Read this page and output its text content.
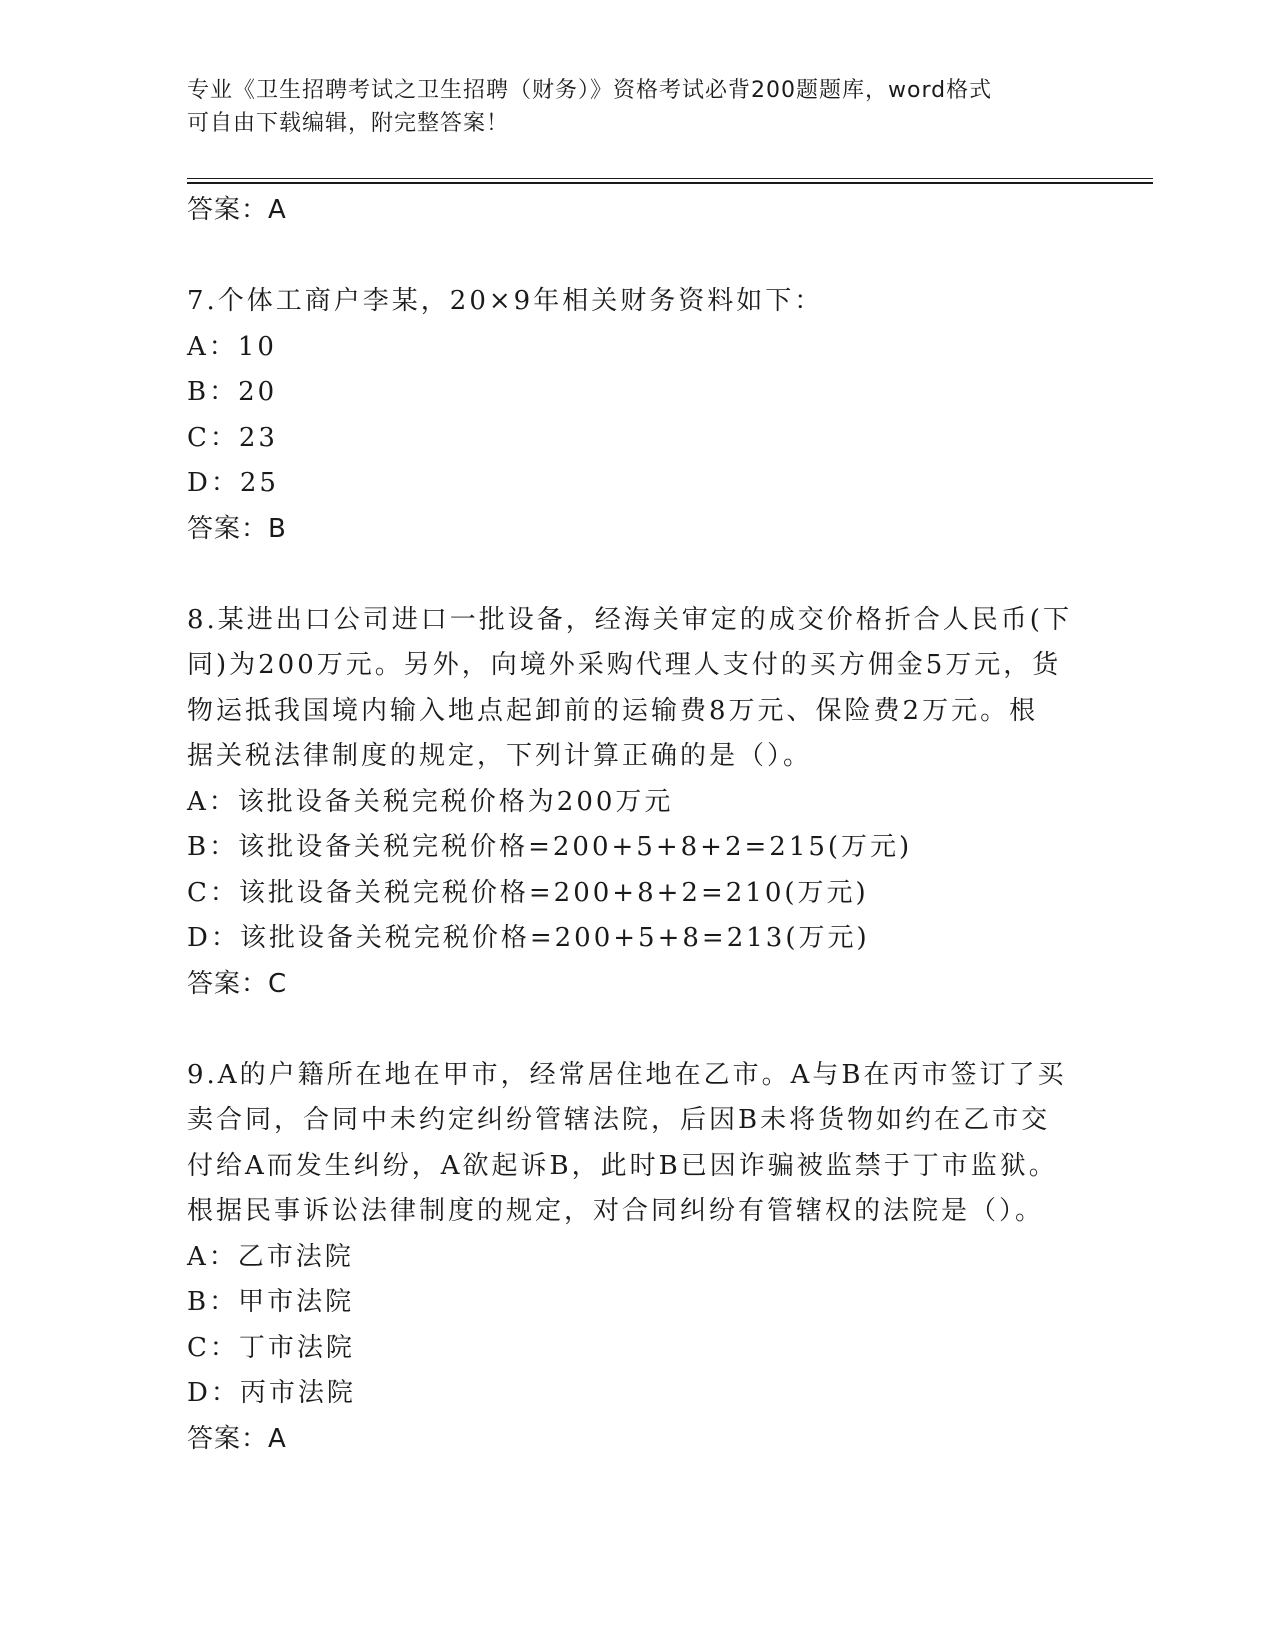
专业《卫生招聘考试之卫生招聘（财务）》资格考试必背200题题库，word格式
可自由下载编辑，附完整答案！
答案：A
7.个体工商户李某，20×9年相关财务资料如下：
A：10
B：20
C：23
D：25
答案：B
8.某进出口公司进口一批设备，经海关审定的成交价格折合人民币(下
同)为200万元。另外，向境外采购代理人支付的买方佣金5万元，货
物运抵我国境内输入地点起卸前的运输费8万元、保险费2万元。根
据关税法律制度的规定，下列计算正确的是（）。
A：该批设备关税完税价格为200万元
B：该批设备关税完税价格=200+5+8+2=215(万元)
C：该批设备关税完税价格=200+8+2=210(万元)
D：该批设备关税完税价格=200+5+8=213(万元)
答案：C
9.A的户籍所在地在甲市，经常居住地在乙市。A与B在丙市签订了买
卖合同，合同中未约定纠纷管辖法院，后因B未将货物如约在乙市交
付给A而发生纠纷，A欲起诉B，此时B已因诈骗被监禁于丁市监狱。
根据民事诉讼法律制度的规定，对合同纠纷有管辖权的法院是（）。
A：乙市法院
B：甲市法院
C：丁市法院
D：丙市法院
答案：A
